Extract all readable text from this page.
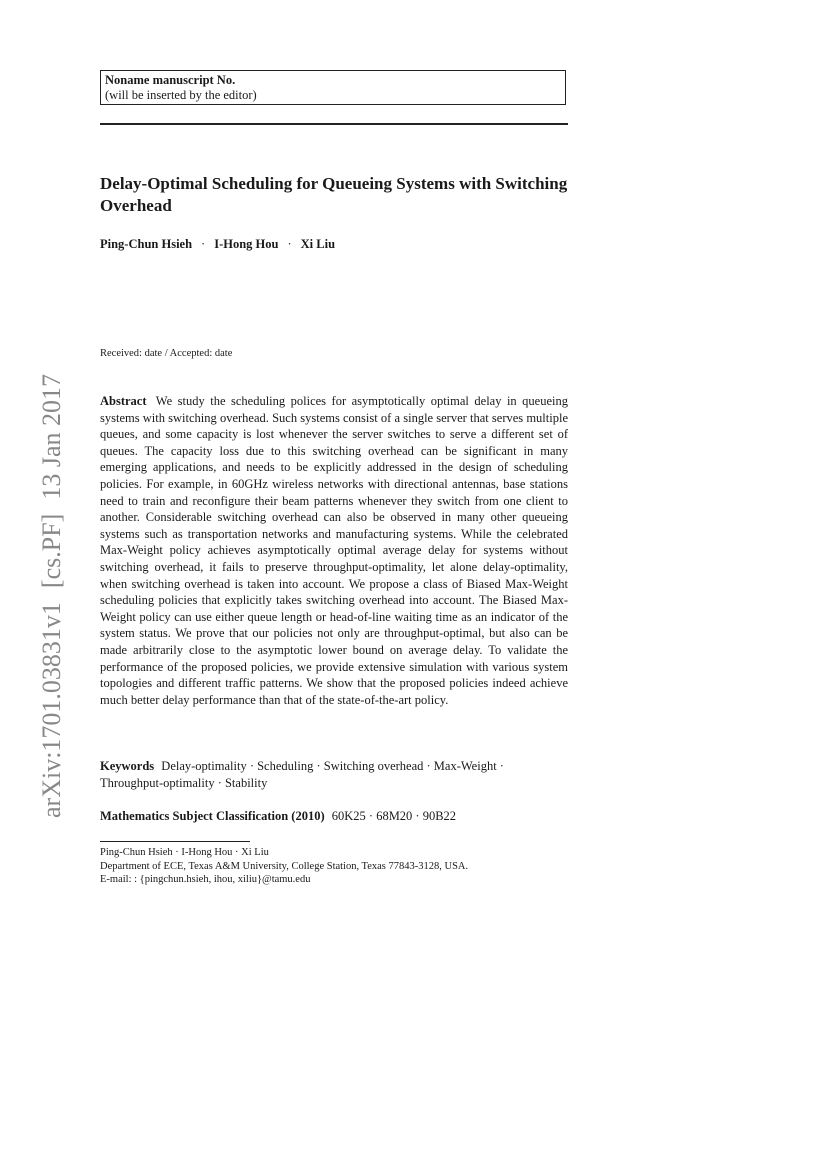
Noname manuscript No.
(will be inserted by the editor)
Delay-Optimal Scheduling for Queueing Systems with Switching Overhead
Ping-Chun Hsieh · I-Hong Hou · Xi Liu
Received: date / Accepted: date
Abstract We study the scheduling polices for asymptotically optimal delay in queueing systems with switching overhead. Such systems consist of a single server that serves multiple queues, and some capacity is lost whenever the server switches to serve a different set of queues. The capacity loss due to this switching overhead can be significant in many emerging applications, and needs to be explicitly addressed in the design of scheduling policies. For example, in 60GHz wireless networks with directional antennas, base stations need to train and reconfigure their beam patterns whenever they switch from one client to another. Considerable switching overhead can also be observed in many other queueing systems such as transportation networks and manufacturing systems. While the celebrated Max-Weight policy achieves asymptotically optimal average delay for systems without switching overhead, it fails to preserve throughput-optimality, let alone delay-optimality, when switching overhead is taken into account. We propose a class of Biased Max-Weight scheduling policies that explicitly takes switching overhead into account. The Biased Max-Weight policy can use either queue length or head-of-line waiting time as an indicator of the system status. We prove that our policies not only are throughput-optimal, but also can be made arbitrarily close to the asymptotic lower bound on average delay. To validate the performance of the proposed policies, we provide extensive simulation with various system topologies and different traffic patterns. We show that the proposed policies indeed achieve much better delay performance than that of the state-of-the-art policy.
Keywords Delay-optimality · Scheduling · Switching overhead · Max-Weight · Throughput-optimality · Stability
Mathematics Subject Classification (2010) 60K25 · 68M20 · 90B22
Ping-Chun Hsieh · I-Hong Hou · Xi Liu
Department of ECE, Texas A&M University, College Station, Texas 77843-3128, USA.
E-mail: : {pingchun.hsieh, ihou, xiliu}@tamu.edu
arXiv:1701.03831v1[cs.PF]13 Jan 2017
